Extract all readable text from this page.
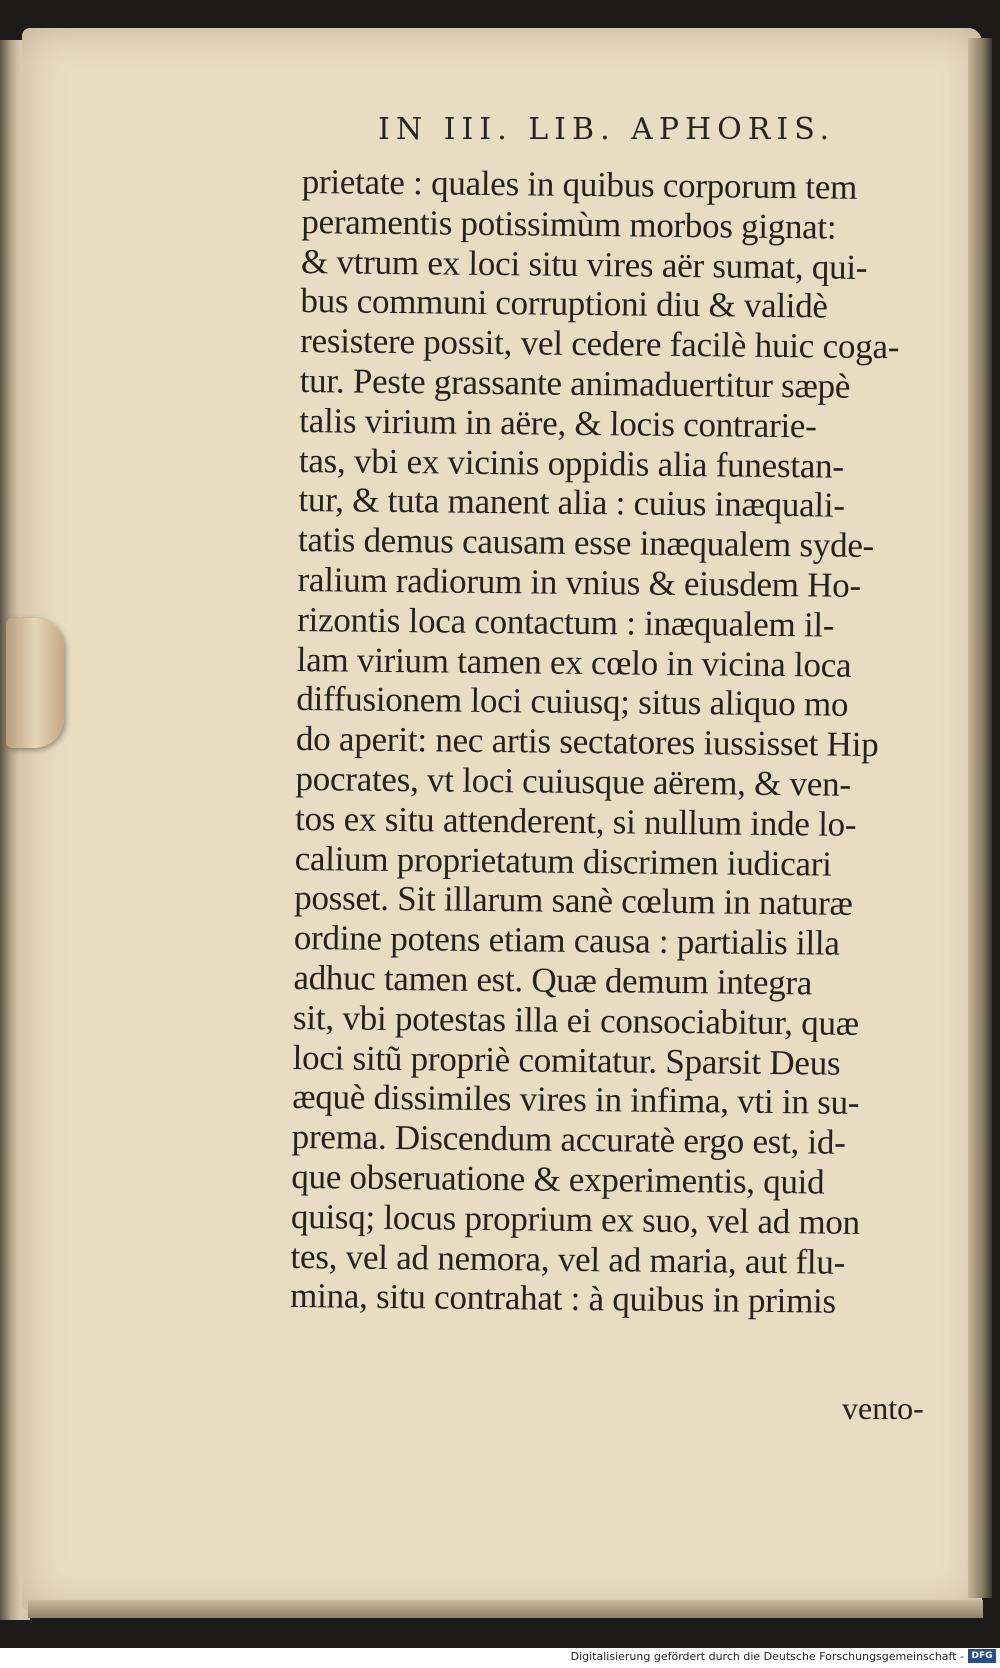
IN III. LIB. APHORIS.
prietate : quales in quibus corporum tem
peramentis potissimùm morbos gignat:
& vtrum ex loci situ vires aër sumat, qui-
bus communi corruptioni diu & validè
resistere possit, vel cedere facilè huic coga-
tur. Peste grassante animaduertitur sæpè
talis virium in aëre, & locis contrarie-
tas, vbi ex vicinis oppidis alia funestan-
tur, & tuta manent alia : cuius inæquali-
tatis demus causam esse inæqualem syde-
ralium radiorum in vnius & eiusdem Ho-
rizontis loca contactum : inæqualem il-
lam virium tamen ex cœlo in vicina loca
diffusionem loci cuiusq; situs aliquo mo
do aperit: nec artis sectatores iussisset Hip
pocrates, vt loci cuiusque aërem, & ven-
tos ex situ attenderent, si nullum inde lo-
calium proprietatum discrimen iudicari
posset. Sit illarum sanè cœlum in naturæ
ordine potens etiam causa : partialis illa
adhuc tamen est. Quæ demum integra
sit, vbi potestas illa ei consociabitur, quæ
loci sitũ propriè comitatur. Sparsit Deus
æquè dissimiles vires in infima, vti in su-
prema. Discendum accuratè ergo est, id-
que obseruatione & experimentis, quid
quisq; locus proprium ex suo, vel ad mon
tes, vel ad nemora, vel ad maria, aut flu-
mina, situ contrahat : à quibus in primis
vento-
Digitalisierung gefördert durch die Deutsche Forschungsgemeinschaft - DFG
